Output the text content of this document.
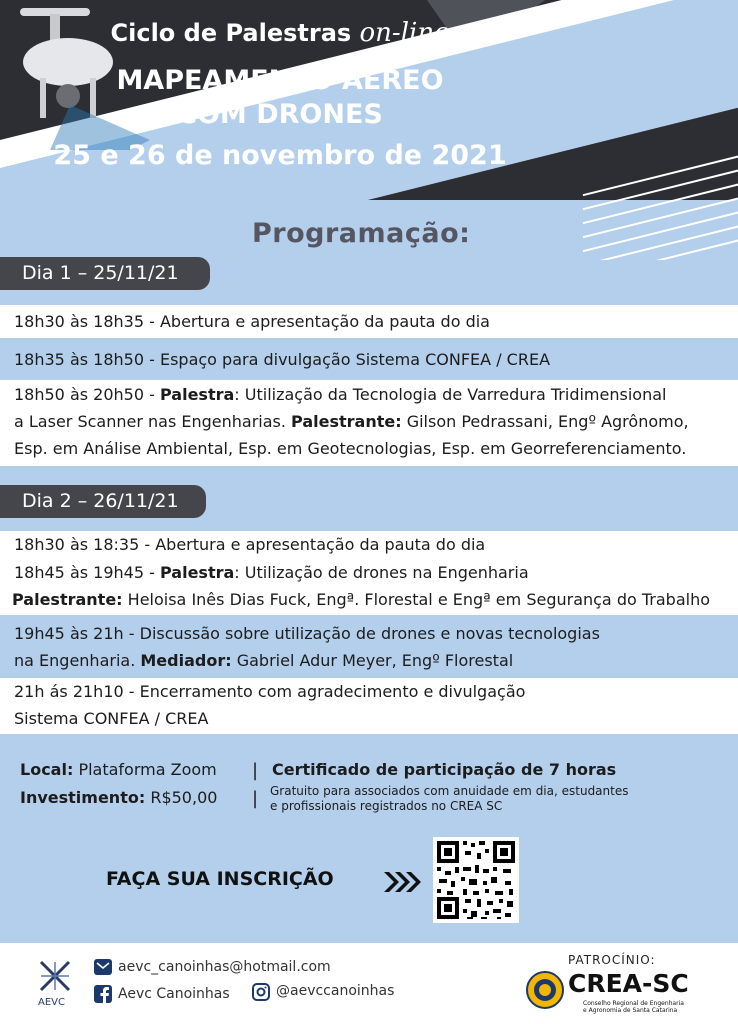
Ciclo de Palestras on-line
MAPEAMENTO AÉREO
COM DRONES
25 e 26 de novembro de 2021
Programação:
Dia 1 – 25/11/21
18h30 às 18h35 - Abertura e apresentação da pauta do dia
18h35 às 18h50 - Espaço para divulgação Sistema CONFEA / CREA
18h50 às 20h50 - Palestra: Utilização da Tecnologia de Varredura Tridimensional
a Laser Scanner nas Engenharias. Palestrante: Gilson Pedrassani, Engº Agrônomo,
Esp. em Análise Ambiental, Esp. em Geotecnologias, Esp. em Georreferenciamento.
Dia 2 – 26/11/21
18h30 às 18:35 - Abertura e apresentação da pauta do dia
18h45 às 19h45 - Palestra: Utilização de drones na Engenharia
Palestrante: Heloisa Inês Dias Fuck, Engª. Florestal e Engª em Segurança do Trabalho
19h45 às 21h - Discussão sobre utilização de drones e novas tecnologias
na Engenharia. Mediador: Gabriel Adur Meyer, Engº Florestal
21h ás 21h10 - Encerramento com agradecimento e divulgação
Sistema CONFEA / CREA
Local: Plataforma Zoom
Investimento: R$50,00
|
|
Certificado de participação de 7 horas
Gratuito para associados com anuidade em dia, estudantes
e profissionais registrados no CREA SC
FAÇA SUA INSCRIÇÃO
AEVC
aevc_canoinhas@hotmail.com
Aevc Canoinhas	@aevccanoinhas
PATROCÍNIO:
CREA-SC
Conselho Regional de Engenharia
e Agronomia de Santa Catarina
